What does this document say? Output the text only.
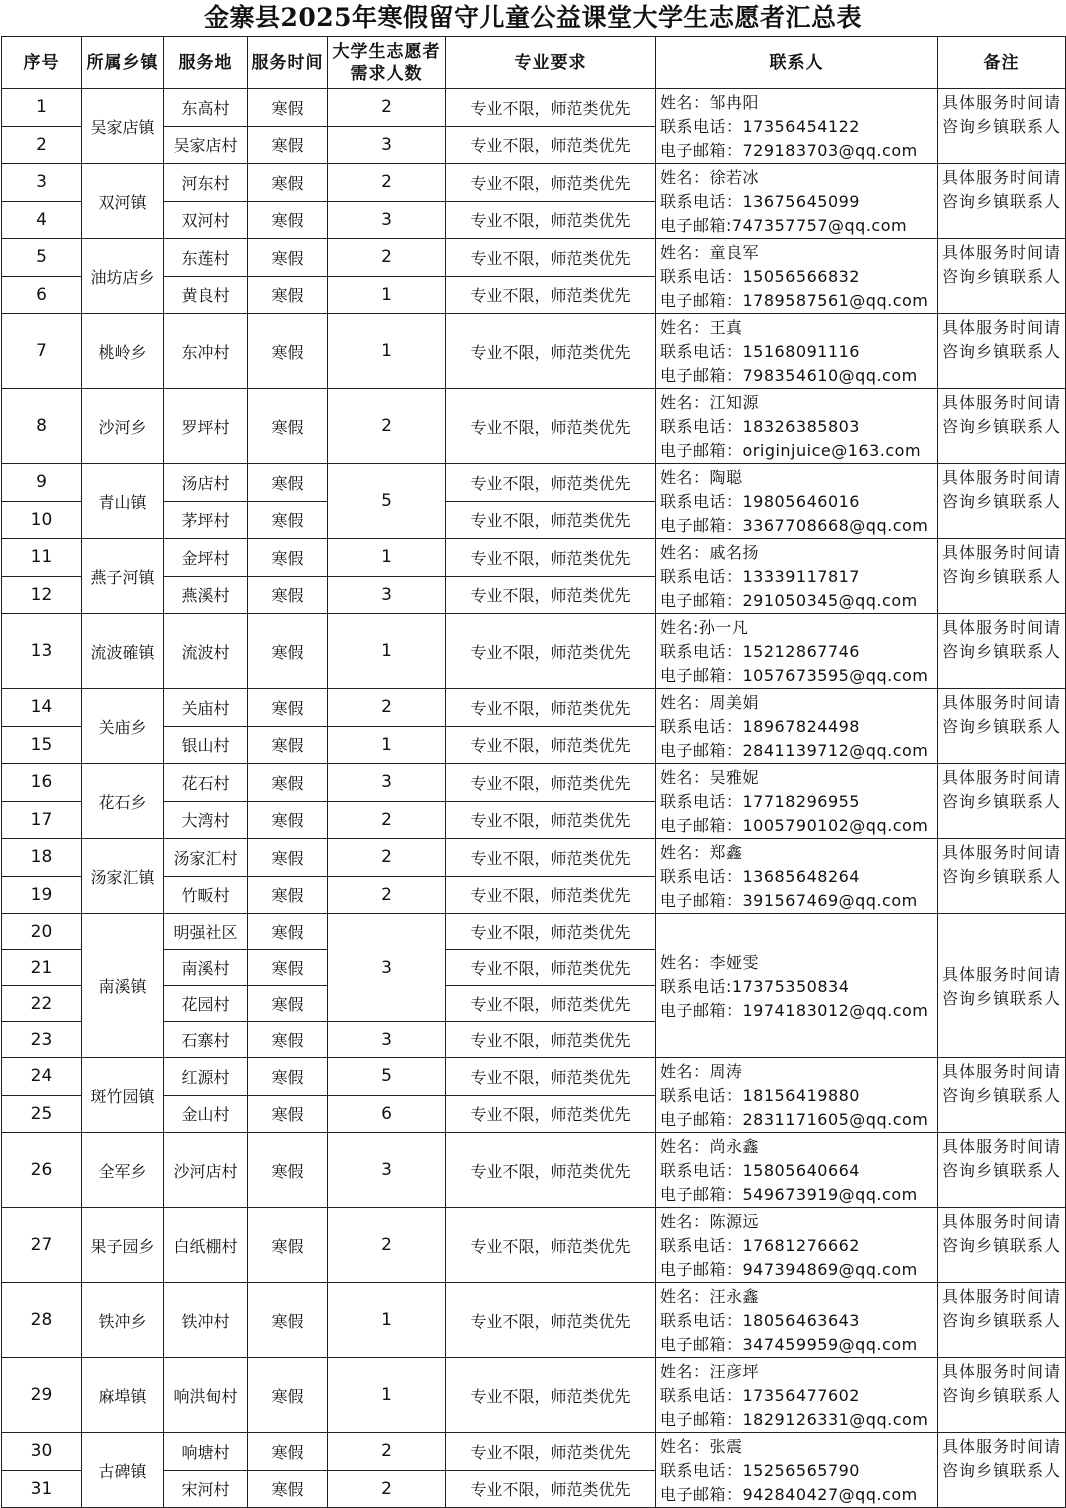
金寨县2025年寒假留守儿童公益课堂大学生志愿者汇总表
序号	所属乡镇	服务地	服务时间	大学生志愿者需求人数	专业要求	联系人	备注
1	吴家店镇	东高村	寒假	2	专业不限，师范类优先	姓名：邹冉阳
联系电话：17356454122
电子邮箱：729183703@qq.com	具体服务时间请咨询乡镇联系人
2		吴家店村	寒假	3	专业不限，师范类优先		
3	双河镇	河东村	寒假	2	专业不限，师范类优先	姓名：徐若冰
联系电话：13675645099
电子邮箱:747357757@qq.com	具体服务时间请咨询乡镇联系人
4		双河村	寒假	3	专业不限，师范类优先		
5	油坊店乡	东莲村	寒假	2	专业不限，师范类优先	姓名：童良军
联系电话：15056566832
电子邮箱：1789587561@qq.com	具体服务时间请咨询乡镇联系人
6		黄良村	寒假	1	专业不限，师范类优先		
7	桃岭乡	东冲村	寒假	1	专业不限，师范类优先	姓名：王真
联系电话：15168091116
电子邮箱：798354610@qq.com	具体服务时间请咨询乡镇联系人
8	沙河乡	罗坪村	寒假	2	专业不限，师范类优先	姓名：江知源
联系电话：18326385803
电子邮箱：originjuice@163.com	具体服务时间请咨询乡镇联系人
9	青山镇	汤店村	寒假	5	专业不限，师范类优先	姓名：陶聪
联系电话：19805646016
电子邮箱：3367708668@qq.com	具体服务时间请咨询乡镇联系人
10		茅坪村	寒假		专业不限，师范类优先		
11	燕子河镇	金坪村	寒假	1	专业不限，师范类优先	姓名：戚名扬
联系电话：13339117817
电子邮箱：291050345@qq.com	具体服务时间请咨询乡镇联系人
12		燕溪村	寒假	3	专业不限，师范类优先		
13	流波確镇	流波村	寒假	1	专业不限，师范类优先	姓名:孙一凡
联系电话：15212867746
电子邮箱：1057673595@qq.com	具体服务时间请咨询乡镇联系人
14	关庙乡	关庙村	寒假	2	专业不限，师范类优先	姓名：周美娟
联系电话：18967824498
电子邮箱：2841139712@qq.com	具体服务时间请咨询乡镇联系人
15		银山村	寒假	1	专业不限，师范类优先		
16	花石乡	花石村	寒假	3	专业不限，师范类优先	姓名：吴雅妮
联系电话：17718296955
电子邮箱：1005790102@qq.com	具体服务时间请咨询乡镇联系人
17		大湾村	寒假	2	专业不限，师范类优先		
18	汤家汇镇	汤家汇村	寒假	2	专业不限，师范类优先	姓名：郑鑫
联系电话：13685648264
电子邮箱：391567469@qq.com	具体服务时间请咨询乡镇联系人
19		竹畈村	寒假	2	专业不限，师范类优先		
20	南溪镇	明强社区	寒假	3	专业不限，师范类优先	姓名：李娅雯
联系电话:17375350834
电子邮箱：1974183012@qq.com	具体服务时间请咨询乡镇联系人
21		南溪村	寒假		专业不限，师范类优先		
22		花园村	寒假		专业不限，师范类优先		
23		石寨村	寒假	3	专业不限，师范类优先		
24	斑竹园镇	红源村	寒假	5	专业不限，师范类优先	姓名：周涛
联系电话：18156419880
电子邮箱：2831171605@qq.com	具体服务时间请咨询乡镇联系人
25		金山村	寒假	6	专业不限，师范类优先		
26	全军乡	沙河店村	寒假	3	专业不限，师范类优先	姓名：尚永鑫
联系电话：15805640664
电子邮箱：549673919@qq.com	具体服务时间请咨询乡镇联系人
27	果子园乡	白纸棚村	寒假	2	专业不限，师范类优先	姓名：陈源远
联系电话：17681276662
电子邮箱：947394869@qq.com	具体服务时间请咨询乡镇联系人
28	铁冲乡	铁冲村	寒假	1	专业不限，师范类优先	姓名：汪永鑫
联系电话：18056463643
电子邮箱：347459959@qq.com	具体服务时间请咨询乡镇联系人
29	麻埠镇	响洪甸村	寒假	1	专业不限，师范类优先	姓名：汪彦坪
联系电话：17356477602
电子邮箱：1829126331@qq.com	具体服务时间请咨询乡镇联系人
30	古碑镇	响塘村	寒假	2	专业不限，师范类优先	姓名：张震
联系电话：15256565790
电子邮箱：942840427@qq.com	具体服务时间请咨询乡镇联系人
31		宋河村	寒假	2	专业不限，师范类优先		
